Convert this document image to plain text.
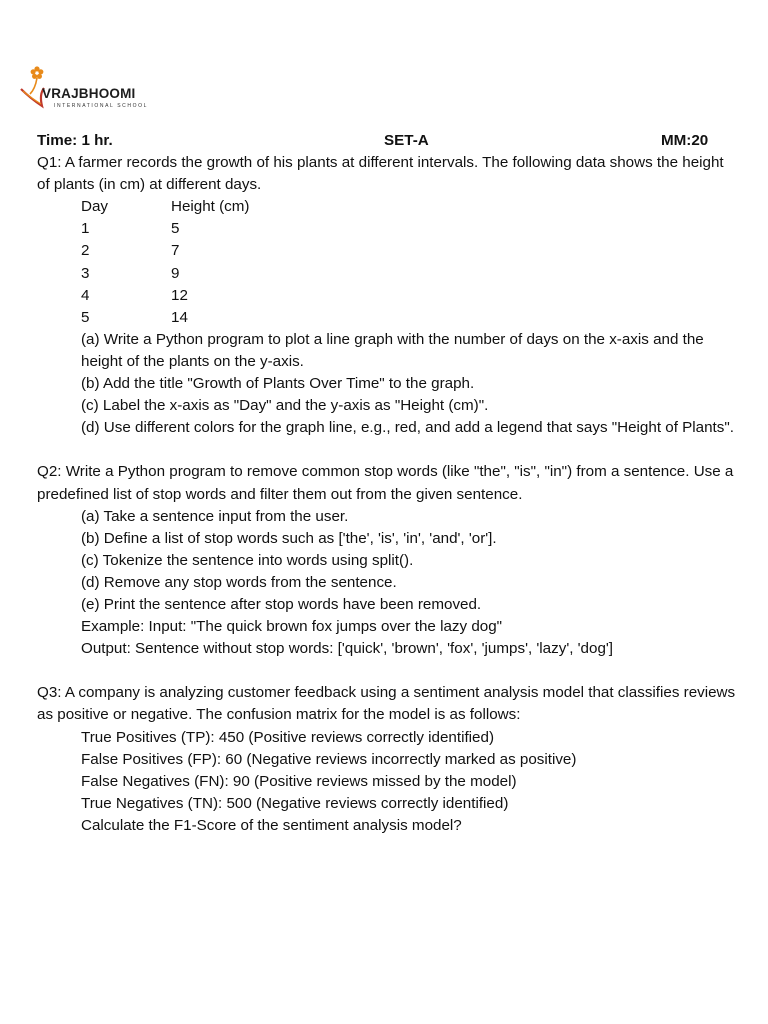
VRAJBHOOMI
INTERNATIONAL SCHOOL
Time: 1 hr.	SET-A	MM:20
Q1: A farmer records the growth of his plants at different intervals. The following data shows the height of plants (in cm) at different days.
Day	Height (cm)
1	5
2	7
3	9
4	12
5	14
(a) Write a Python program to plot a line graph with the number of days on the x-axis and the height of the plants on the y-axis.
(b) Add the title "Growth of Plants Over Time" to the graph.
(c) Label the x-axis as "Day" and the y-axis as "Height (cm)".
(d) Use different colors for the graph line, e.g., red, and add a legend that says "Height of Plants".
Q2: Write a Python program to remove common stop words (like "the", "is", "in") from a sentence. Use a predefined list of stop words and filter them out from the given sentence.
(a) Take a sentence input from the user.
(b) Define a list of stop words such as ['the', 'is', 'in', 'and', 'or'].
(c) Tokenize the sentence into words using split().
(d) Remove any stop words from the sentence.
(e) Print the sentence after stop words have been removed.
Example: Input: "The quick brown fox jumps over the lazy dog"
Output: Sentence without stop words: ['quick', 'brown', 'fox', 'jumps', 'lazy', 'dog']
Q3: A company is analyzing customer feedback using a sentiment analysis model that classifies reviews as positive or negative. The confusion matrix for the model is as follows:
True Positives (TP): 450 (Positive reviews correctly identified)
False Positives (FP): 60 (Negative reviews incorrectly marked as positive)
False Negatives (FN): 90 (Positive reviews missed by the model)
True Negatives (TN): 500 (Negative reviews correctly identified)
Calculate the F1-Score of the sentiment analysis model?
